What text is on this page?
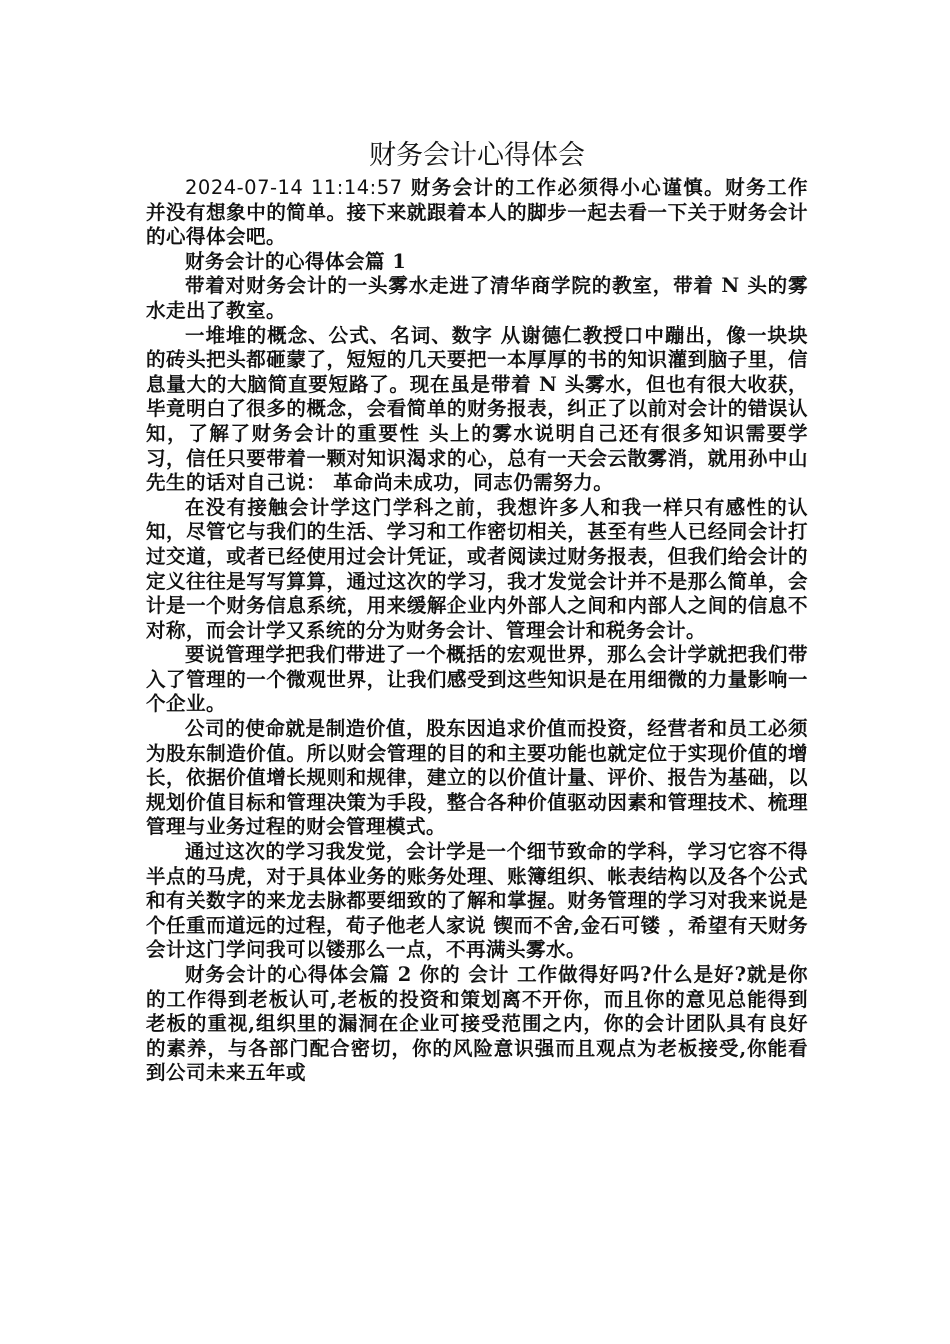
财务会计心得体会

2024-07-14 11:14:57 财务会计的工作必须得小心谨慎。财务工作并没有想象中的简单。接下来就跟着本人的脚步一起去看一下关于财务会计的心得体会吧。

财务会计的心得体会篇 1

带着对财务会计的一头雾水走进了清华商学院的教室，带着 N 头的雾水走出了教室。

一堆堆的概念、公式、名词、数字 从谢德仁教授口中蹦出，像一块块的砖头把头都砸蒙了，短短的几天要把一本厚厚的书的知识灌到脑子里，信息量大的大脑简直要短路了。现在虽是带着 N 头雾水，但也有很大收获，毕竟明白了很多的概念，会看简单的财务报表，纠正了以前对会计的错误认知，了解了财务会计的重要性 头上的雾水说明自己还有很多知识需要学习，信任只要带着一颗对知识渴求的心，总有一天会云散雾消，就用孙中山先生的话对自己说： 革命尚未成功，同志仍需努力。

在没有接触会计学这门学科之前，我想许多人和我一样只有感性的认知，尽管它与我们的生活、学习和工作密切相关，甚至有些人已经同会计打过交道，或者已经使用过会计凭证，或者阅读过财务报表，但我们给会计的定义往往是写写算算，通过这次的学习，我才发觉会计并不是那么简单，会计是一个财务信息系统，用来缓解企业内外部人之间和内部人之间的信息不对称，而会计学又系统的分为财务会计、管理会计和税务会计。

要说管理学把我们带进了一个概括的宏观世界，那么会计学就把我们带入了管理的一个微观世界，让我们感受到这些知识是在用细微的力量影响一个企业。

公司的使命就是制造价值，股东因追求价值而投资，经营者和员工必须为股东制造价值。所以财会管理的目的和主要功能也就定位于实现价值的增长，依据价值增长规则和规律，建立的以价值计量、评价、报告为基础，以规划价值目标和管理决策为手段，整合各种价值驱动因素和管理技术、梳理管理与业务过程的财会管理模式。

通过这次的学习我发觉，会计学是一个细节致命的学科，学习它容不得半点的马虎，对于具体业务的账务处理、账簿组织、帐表结构以及各个公式和有关数字的来龙去脉都要细致的了解和掌握。财务管理的学习对我来说是个任重而道远的过程，荀子他老人家说 锲而不舍,金石可镂 ，希望有天财务会计这门学问我可以镂那么一点，不再满头雾水。

财务会计的心得体会篇 2 你的 会计 工作做得好吗?什么是好?就是你的工作得到老板认可,老板的投资和策划离不开你，而且你的意见总能得到老板的重视,组织里的漏洞在企业可接受范围之内，你的会计团队具有良好的素养，与各部门配合密切，你的风险意识强而且观点为老板接受,你能看到公司未来五年或
